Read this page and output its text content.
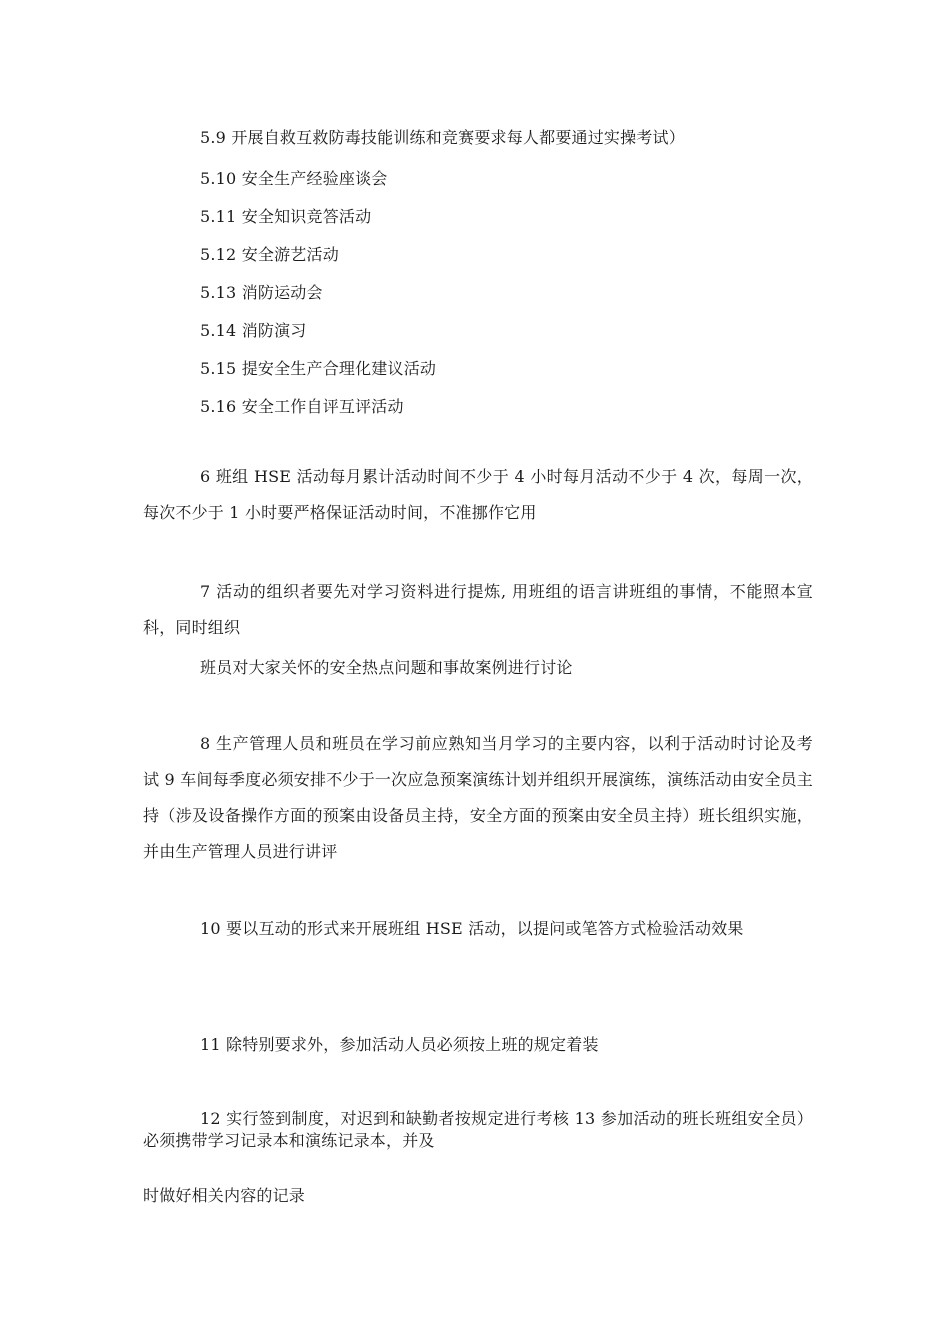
5.9 开展自救互救防毒技能训练和竞赛要求每人都要通过实操考试）
5.10 安全生产经验座谈会
5.11 安全知识竞答活动
5.12 安全游艺活动
5.13 消防运动会
5.14 消防演习
5.15 提安全生产合理化建议活动
5.16 安全工作自评互评活动
6 班组 HSE 活动每月累计活动时间不少于 4 小时每月活动不少于 4 次，每周一次，每次不少于 1 小时要严格保证活动时间，不准挪作它用
7 活动的组织者要先对学习资料进行提炼, 用班组的语言讲班组的事情，不能照本宣科，同时组织
班员对大家关怀的安全热点问题和事故案例进行讨论
8 生产管理人员和班员在学习前应熟知当月学习的主要内容，以利于活动时讨论及考试 9 车间每季度必须安排不少于一次应急预案演练计划并组织开展演练，演练活动由安全员主持（涉及设备操作方面的预案由设备员主持，安全方面的预案由安全员主持）班长组织实施，并由生产管理人员进行讲评
10 要以互动的形式来开展班组 HSE 活动，以提问或笔答方式检验活动效果
11 除特别要求外，参加活动人员必须按上班的规定着装
12 实行签到制度，对迟到和缺勤者按规定进行考核 13 参加活动的班长班组安全员）必须携带学习记录本和演练记录本，并及
时做好相关内容的记录
